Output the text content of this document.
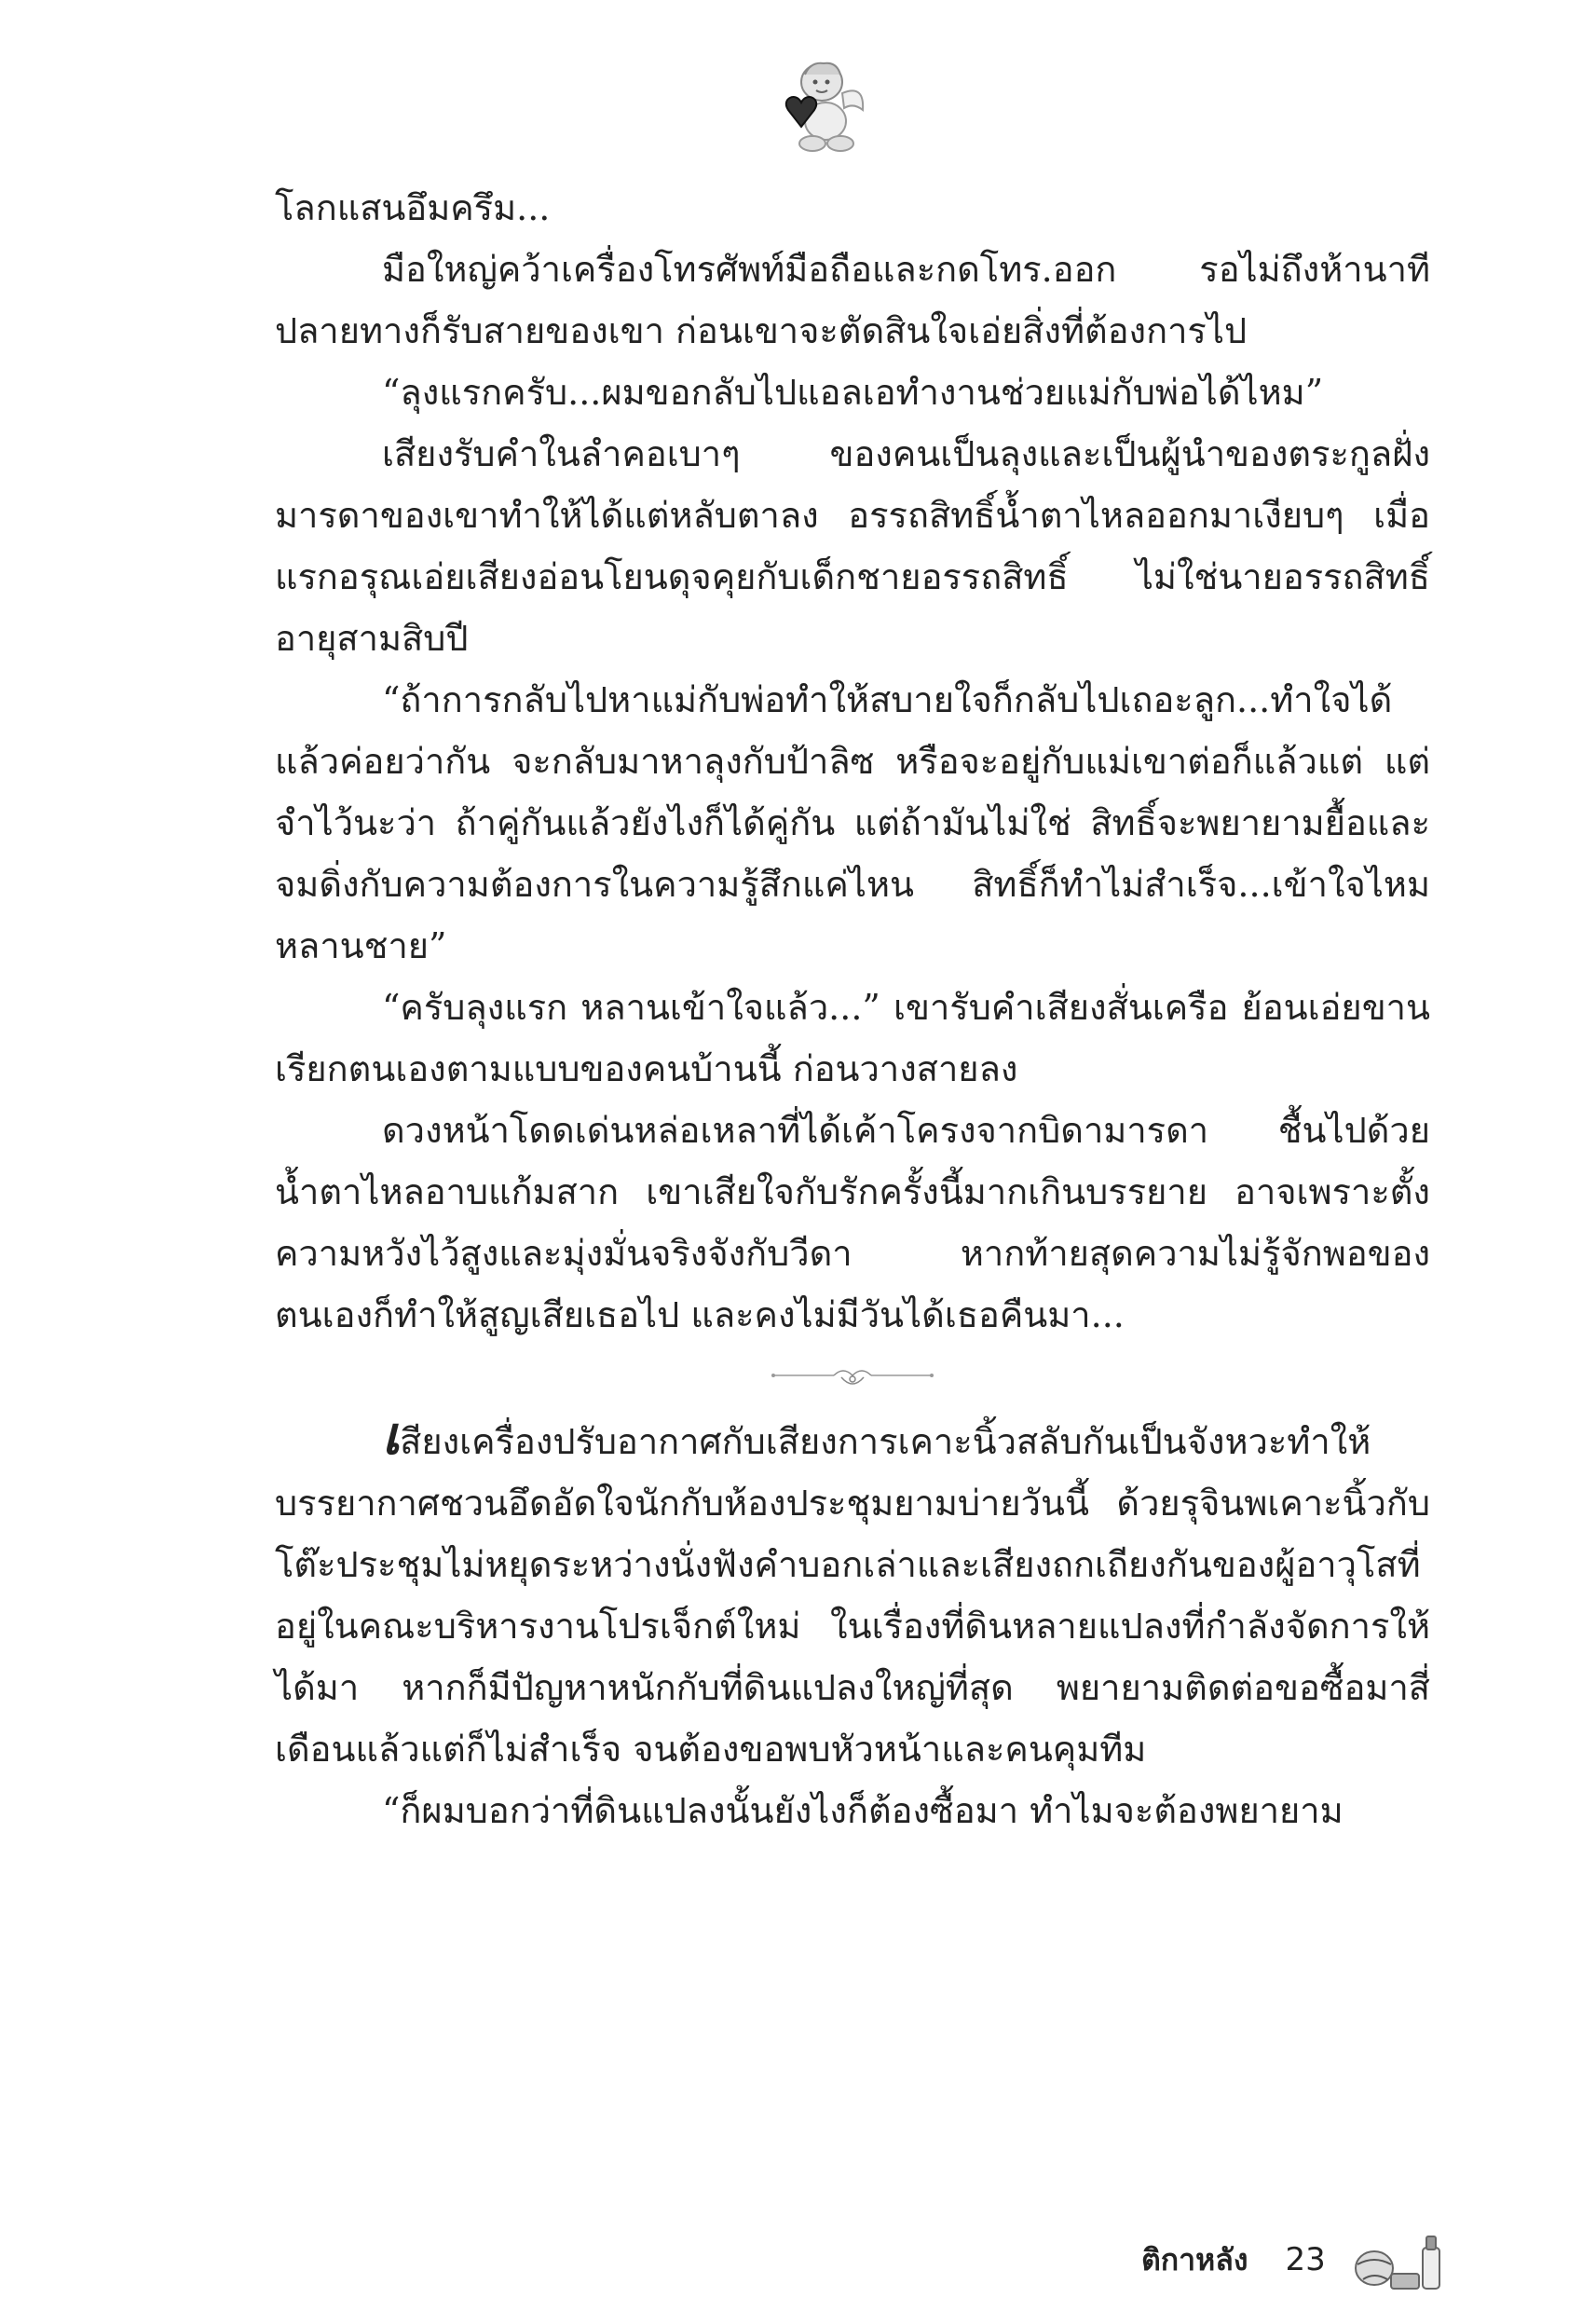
โลกแสนอึมครึม...

มือใหญ่คว้าเครื่องโทรศัพท์มือถือและกดโทร.ออก รอไม่ถึงห้านาทีปลายทางก็รับสายของเขา ก่อนเขาจะตัดสินใจเอ่ยสิ่งที่ต้องการไป

“ลุงแรกครับ...ผมขอกลับไปแอลเอทำงานช่วยแม่กับพ่อได้ไหม”

เสียงรับคำในลำคอเบาๆ ของคนเป็นลุงและเป็นผู้นำของตระกูลฝั่งมารดาของเขาทำให้ได้แต่หลับตาลง อรรถสิทธิ์น้ำตาไหลออกมาเงียบๆ เมื่อแรกอรุณเอ่ยเสียงอ่อนโยนดุจคุยกับเด็กชายอรรถสิทธิ์ ไม่ใช่นายอรรถสิทธิ์อายุสามสิบปี

“ถ้าการกลับไปหาแม่กับพ่อทำให้สบายใจก็กลับไปเถอะลูก...ทำใจได้แล้วค่อยว่ากัน จะกลับมาหาลุงกับป้าลิซ หรือจะอยู่กับแม่เขาต่อก็แล้วแต่ แต่จำไว้นะว่า ถ้าคู่กันแล้วยังไงก็ได้คู่กัน แต่ถ้ามันไม่ใช่ สิทธิ์จะพยายามยื้อและจมดิ่งกับความต้องการในความรู้สึกแค่ไหน สิทธิ์ก็ทำไม่สำเร็จ...เข้าใจไหมหลานชาย”

“ครับลุงแรก หลานเข้าใจแล้ว...” เขารับคำเสียงสั่นเครือ ย้อนเอ่ยขานเรียกตนเองตามแบบของคนบ้านนี้ ก่อนวางสายลง

ดวงหน้าโดดเด่นหล่อเหลาที่ได้เค้าโครงจากบิดามารดา ชื้นไปด้วยน้ำตาไหลอาบแก้มสาก เขาเสียใจกับรักครั้งนี้มากเกินบรรยาย อาจเพราะตั้งความหวังไว้สูงและมุ่งมั่นจริงจังกับวีดา หากท้ายสุดความไม่รู้จักพอของตนเองก็ทำให้สูญเสียเธอไป และคงไม่มีวันได้เธอคืนมา...

เสียงเครื่องปรับอากาศกับเสียงการเคาะนิ้วสลับกันเป็นจังหวะทำให้บรรยากาศชวนอึดอัดใจนักกับห้องประชุมยามบ่ายวันนี้ ด้วยรุจินพเคาะนิ้วกับโต๊ะประชุมไม่หยุดระหว่างนั่งฟังคำบอกเล่าและเสียงถกเถียงกันของผู้อาวุโสที่อยู่ในคณะบริหารงานโปรเจ็กต์ใหม่ ในเรื่องที่ดินหลายแปลงที่กำลังจัดการให้ได้มา หากก็มีปัญหาหนักกับที่ดินแปลงใหญ่ที่สุด พยายามติดต่อขอซื้อมาสี่เดือนแล้วแต่ก็ไม่สำเร็จ จนต้องขอพบหัวหน้าและคนคุมทีม

“ก็ผมบอกว่าที่ดินแปลงนั้นยังไงก็ต้องซื้อมา ทำไมจะต้องพยายาม

ติกาหลัง 23
